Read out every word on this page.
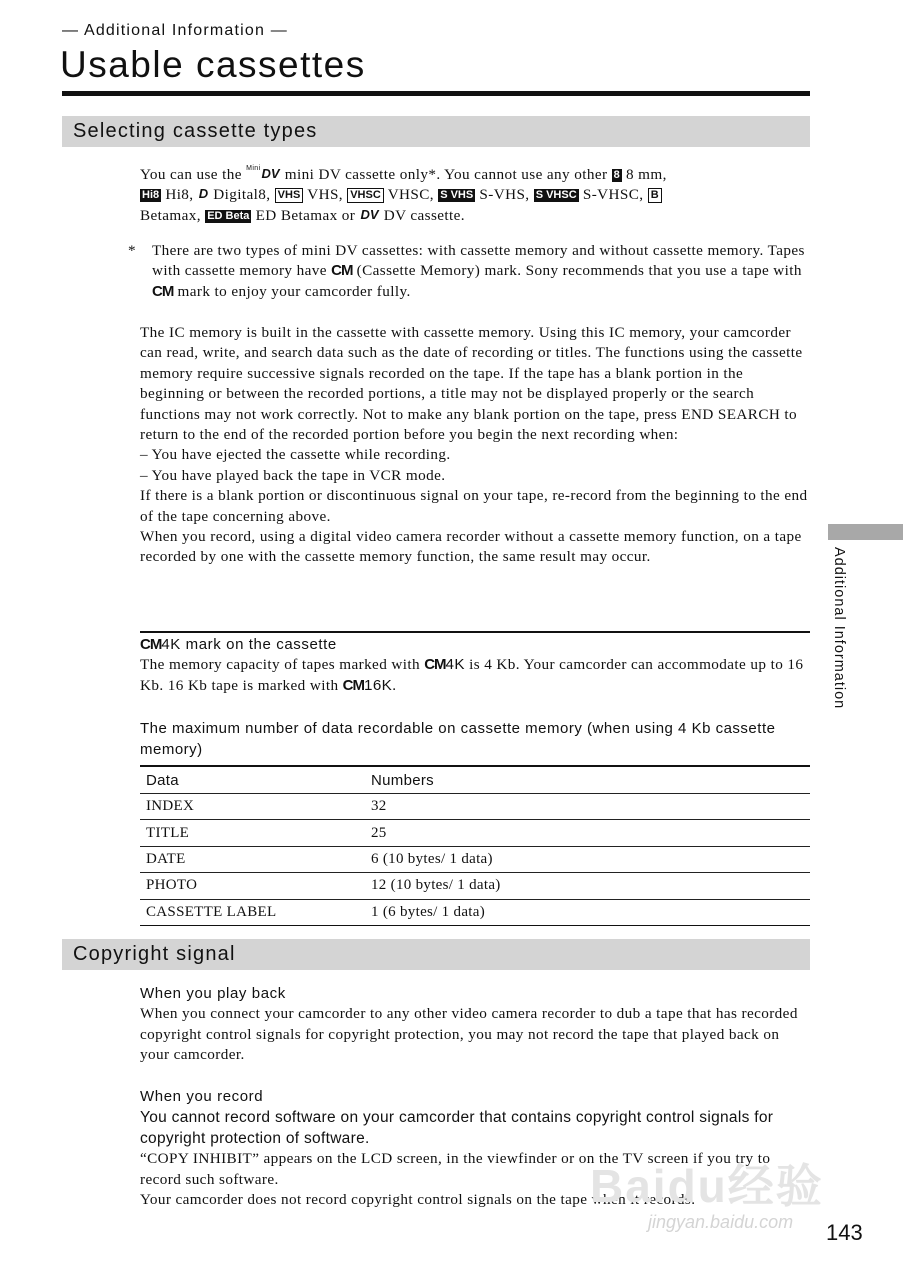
— Additional Information —
Usable cassettes
Selecting cassette types

You can use the $^{Mini}$DV mini DV cassette only*. You cannot use any other 8 8 mm,
Hi8 Hi8, D Digital8, VHS VHS, VHSC VHSC, S VHS S-VHS, S VHSC S-VHSC, B
Betamax, ED Beta ED Betamax or DV DV cassette.

* There are two types of mini DV cassettes: with cassette memory and without cassette memory. Tapes with cassette memory have CM (Cassette Memory) mark. Sony recommends that you use a tape with CM mark to enjoy your camcorder fully.

The IC memory is built in the cassette with cassette memory. Using this IC memory, your camcorder can read, write, and search data such as the date of recording or titles. The functions using the cassette memory require successive signals recorded on the tape. If the tape has a blank portion in the beginning or between the recorded portions, a title may not be displayed properly or the search functions may not work correctly. Not to make any blank portion on the tape, press END SEARCH to return to the end of the recorded portion before you begin the next recording when:

– You have ejected the cassette while recording.

– You have played back the tape in VCR mode.

If there is a blank portion or discontinuous signal on your tape, re-record from the beginning to the end of the tape concerning above.

When you record, using a digital video camera recorder without a cassette memory function, on a tape recorded by one with the cassette memory function, the same result may occur.

CM4K mark on the cassette

The memory capacity of tapes marked with CM4K is 4 Kb. Your camcorder can accommodate up to 16 Kb. 16 Kb tape is marked with CM16K.

The maximum number of data recordable on cassette memory (when using 4 Kb cassette memory)
Data	Numbers
INDEX	32
TITLE	25
DATE	6 (10 bytes/ 1 data)
PHOTO	12 (10 bytes/ 1 data)
CASSETTE LABEL	1 (6 bytes/ 1 data)
Copyright signal

When you play back

When you connect your camcorder to any other video camera recorder to dub a tape that has recorded copyright control signals for copyright protection, you may not record the tape that played back on your camcorder.

When you record

You cannot record software on your camcorder that contains copyright control signals for copyright protection of software.

“COPY INHIBIT” appears on the LCD screen, in the viewfinder or on the TV screen if you try to record such software.

Your camcorder does not record copyright control signals on the tape when it records.

Additional Information
Baidu经验
jingyan.baidu.com 143
